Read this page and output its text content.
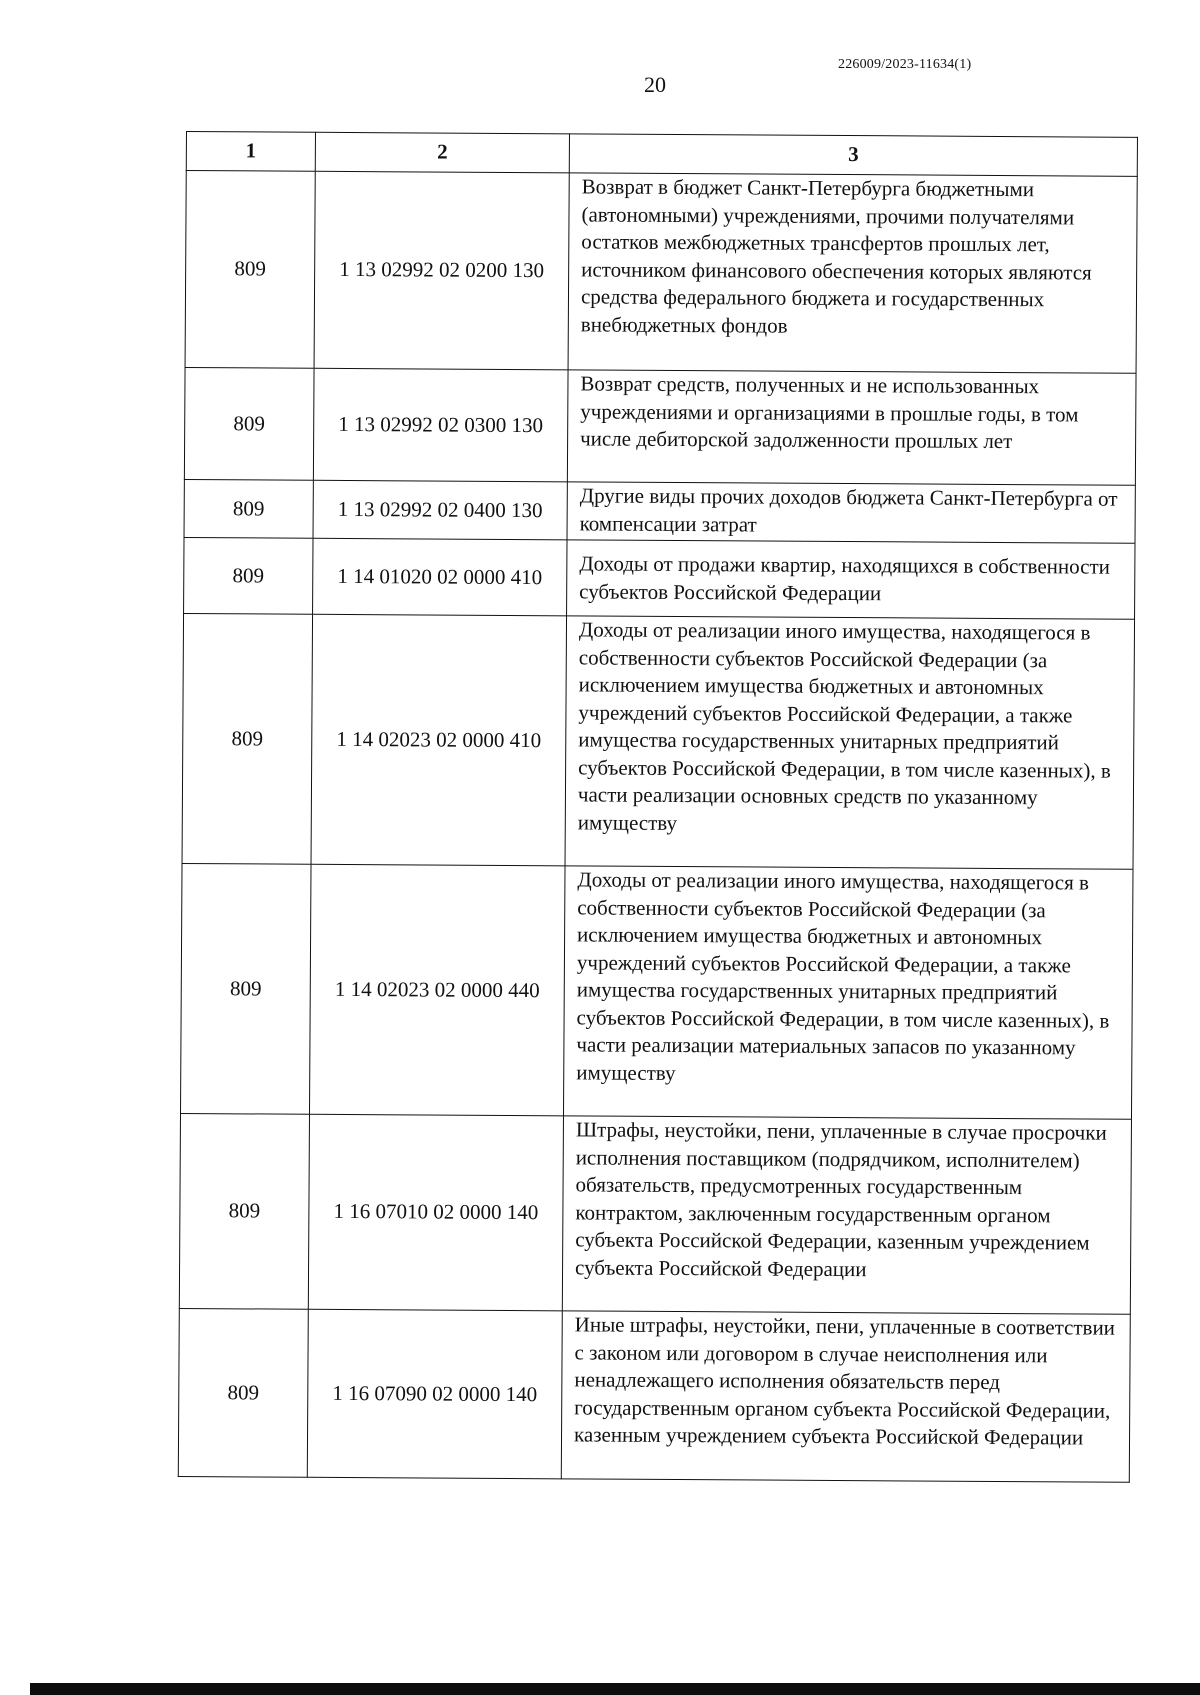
226009/2023-11634(1)
20
1	2	3
809	1 13 02992 02 0200 130	Возврат в бюджет Санкт-Петербурга бюджетными (автономными) учреждениями, прочими получателями остатков межбюджетных трансфертов прошлых лет, источником финансового обеспечения которых являются средства федерального бюджета и государственных внебюджетных фондов
809	1 13 02992 02 0300 130	Возврат средств, полученных и не использованных учреждениями и организациями в прошлые годы, в том числе дебиторской задолженности прошлых лет
809	1 13 02992 02 0400 130	Другие виды прочих доходов бюджета Санкт-Петербурга от компенсации затрат
809	1 14 01020 02 0000 410	Доходы от продажи квартир, находящихся в собственности субъектов Российской Федерации
809	1 14 02023 02 0000 410	Доходы от реализации иного имущества, находящегося в собственности субъектов Российской Федерации (за исключением имущества бюджетных и автономных учреждений субъектов Российской Федерации, а также имущества государственных унитарных предприятий субъектов Российской Федерации, в том числе казенных), в части реализации основных средств по указанному имуществу
809	1 14 02023 02 0000 440	Доходы от реализации иного имущества, находящегося в собственности субъектов Российской Федерации (за исключением имущества бюджетных и автономных учреждений субъектов Российской Федерации, а также имущества государственных унитарных предприятий субъектов Российской Федерации, в том числе казенных), в части реализации материальных запасов по указанному имуществу
809	1 16 07010 02 0000 140	Штрафы, неустойки, пени, уплаченные в случае просрочки исполнения поставщиком (подрядчиком, исполнителем) обязательств, предусмотренных государственным контрактом, заключенным государственным органом субъекта Российской Федерации, казенным учреждением субъекта Российской Федерации
809	1 16 07090 02 0000 140	Иные штрафы, неустойки, пени, уплаченные в соответствии с законом или договором в случае неисполнения или ненадлежащего исполнения обязательств перед государственным органом субъекта Российской Федерации, казенным учреждением субъекта Российской Федерации
